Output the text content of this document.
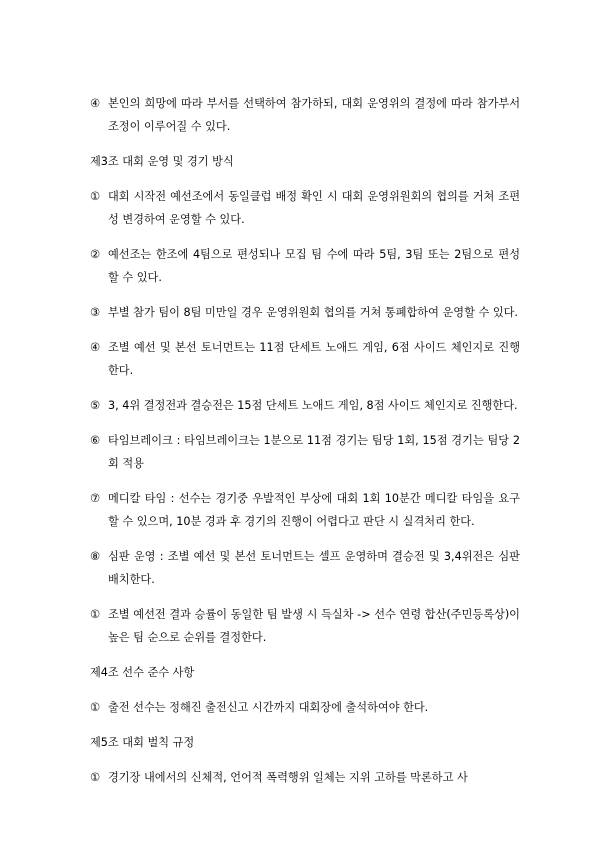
④ 본인의 희망에 따라 부서를 선택하여 참가하되, 대회 운영위의 결정에 따라 참가부서 조정이 이루어질 수 있다.
제3조 대회 운영 및 경기 방식
① 대회 시작전 예선조에서 동일클럽 배정 확인 시 대회 운영위원회의 협의를 거쳐 조편성 변경하여 운영할 수 있다.
② 예선조는 한조에 4팀으로 편성되나 모집 팀 수에 따라 5팀, 3팀 또는 2팀으로 편성 할 수 있다.
③ 부별 참가 팀이 8팀 미만일 경우 운영위원회 협의를 거쳐 통폐합하여 운영할 수 있다.
④ 조별 예선 및 본선 토너먼트는 11점 단세트 노애드 게임, 6점 사이드 체인지로 진행한다.
⑤ 3, 4위 결정전과 결승전은 15점 단세트 노애드 게임, 8점 사이드 체인지로 진행한다.
⑥ 타임브레이크 : 타임브레이크는 1분으로 11점 경기는 팀당 1회, 15점 경기는 팀당 2회 적용
⑦ 메디칼 타임 : 선수는 경기중 우발적인 부상에 대회 1회 10분간 메디칼 타임을 요구할 수 있으며, 10분 경과 후 경기의 진행이 어렵다고 판단 시 실격처리 한다.
⑧ 심판 운영 : 조별 예선 및 본선 토너먼트는 셀프 운영하며 결승전 및 3,4위전은 심판 배치한다.
① 조별 예선전 결과 승률이 동일한 팀 발생 시 득실차 -> 선수 연령 합산(주민등록상)이 높은 팀 순으로 순위를 결정한다.
제4조 선수 준수 사항
① 출전 선수는 정해진 출전신고 시간까지 대회장에 출석하여야 한다.
제5조 대회 벌칙 규정
① 경기장 내에서의 신체적, 언어적 폭력행위 일체는 지위 고하를 막론하고 사
